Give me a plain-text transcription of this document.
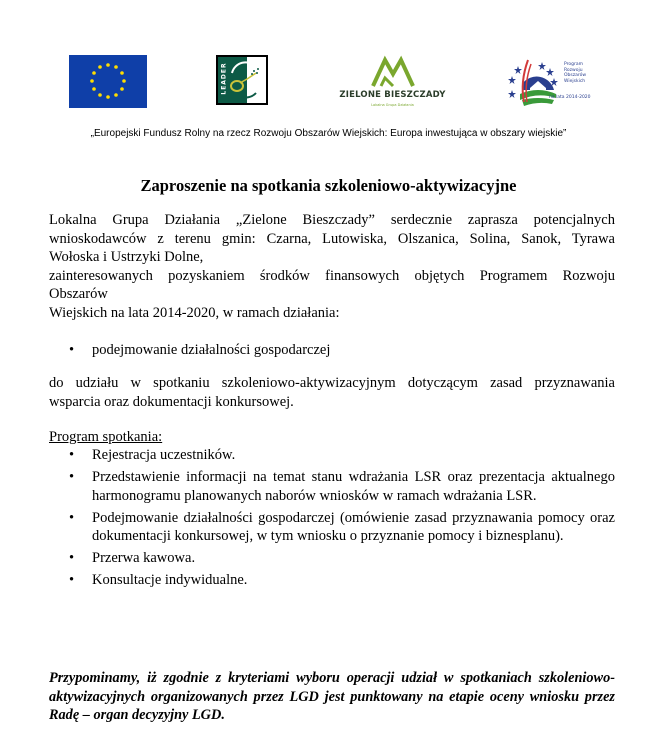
LEADER
ZIELONE BIESZCZADY
Lokalna Grupa Działania
Program
Rozwoju
Obszarów
Wiejskich
na lata 2014-2020
„Europejski Fundusz Rolny na rzecz Rozwoju Obszarów Wiejskich: Europa inwestująca w obszary wiejskie”
Zaproszenie na spotkania szkoleniowo-aktywizacyjne
Lokalna Grupa Działania „Zielone Bieszczady” serdecznie zaprasza potencjalnych
wnioskodawców z terenu gmin: Czarna, Lutowiska, Olszanica, Solina, Sanok, Tyrawa
Wołoska i Ustrzyki Dolne,
zainteresowanych pozyskaniem środków finansowych objętych Programem Rozwoju
Obszarów
Wiejskich na lata 2014-2020, w ramach działania:
• podejmowanie działalności gospodarczej
do udziału w spotkaniu szkoleniowo-aktywizacyjnym dotyczącym zasad przyznawania
wsparcia oraz dokumentacji konkursowej.
Program spotkania:
• Rejestracja uczestników.
• Przedstawienie informacji na temat stanu wdrażania LSR oraz prezentacja aktualnego harmonogramu planowanych naborów wniosków w ramach wdrażania LSR.
• Podejmowanie działalności gospodarczej (omówienie zasad przyznawania pomocy oraz dokumentacji konkursowej, w tym wniosku o przyznanie pomocy i biznesplanu).
• Przerwa kawowa.
• Konsultacje indywidualne.
Przypominamy, iż zgodnie z kryteriami wyboru operacji udział w spotkaniach szkoleniowo-aktywizacyjnych organizowanych przez LGD jest punktowany na etapie oceny wniosku przez Radę – organ decyzyjny LGD.
